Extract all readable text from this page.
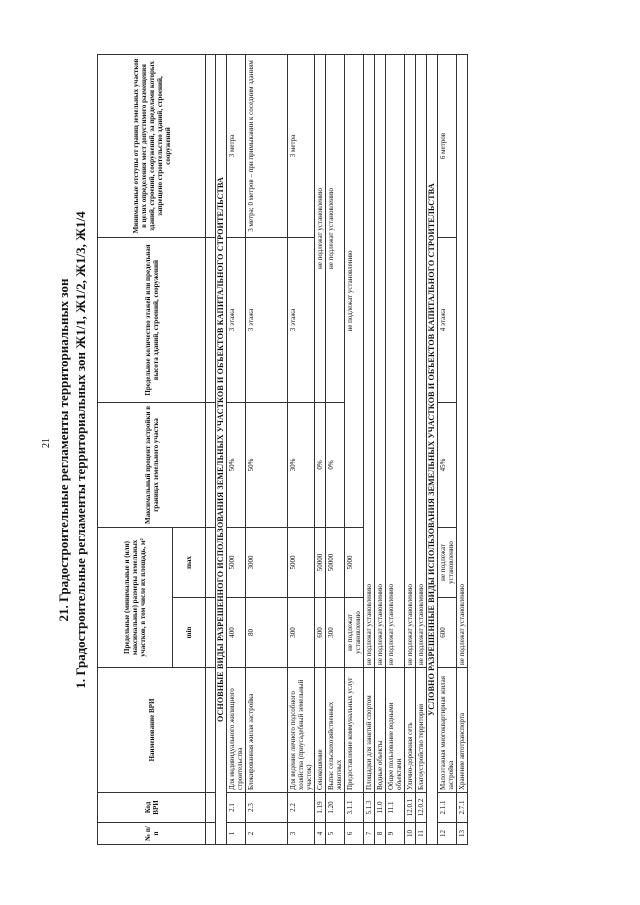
21 21. Градостроительные регламенты территориальных зон 1. Градостроительные регламенты территориальных зон Ж1/1, Ж1/2, Ж1/3, Ж1/4
№ п/п	Код ВРИ	Наименование ВРИ	Предельные (минимальные и (или) максимальные) размеры земельных участков, в том числе их площадь, м²		Максимальный процент застройки в границах земельного участка	Предельное количество этажей или предельная высота зданий, строений, сооружений	Минимальные отступы от границ земельных участков в целях определения мест допустимого размещения зданий, строений, сооружений, за пределами которых запрещено строительство зданий, строений, сооружений
			min	max			

ОСНОВНЫЕ ВИДЫ РАЗРЕШЕННОГО ИСПОЛЬЗОВАНИЯ ЗЕМЕЛЬНЫХ УЧАСТКОВ И ОБЪЕКТОВ КАПИТАЛЬНОГО СТРОИТЕЛЬСТВА							
1	2.1	Для индивидуального жилищного строительства	400	5000	50%	3 этажа	3 метра
2	2.3	Блокированная жилая застройка	80	3000	50%	3 этажа	3 метра; 0 метров – при примыкании к соседним зданиям
3	2.2	Для ведения личного подсобного хозяйства (приусадебный земельный участок)	300	5000	30%	3 этажа	3 метра
4	1.19	Сенокошение	600	50000	0%	не подлежат установлению	
5	1.20	Выпас сельскохозяйственных животных	300	50000	0%	не подлежат установлению	
6	3.1.1	Предоставление коммунальных услуг	не подлежат установлению	5000	не подлежат установлению		
7	5.1.3	Площадки для занятий спортом	не подлежат установлению				
8	11.0	Водные объекты	не подлежат установлению				
9	11.1	Общее пользование водными объектами	не подлежат установлению				
10	12.0.1	Улично-дорожная сеть	не подлежат установлению				
11	12.0.2	Благоустройство территории	не подлежат установлению				
УСЛОВНО РАЗРЕШЕННЫЕ ВИДЫ ИСПОЛЬЗОВАНИЯ ЗЕМЕЛЬНЫХ УЧАСТКОВ И ОБЪЕКТОВ КАПИТАЛЬНОГО СТРОИТЕЛЬСТВА							
12	2.1.1	Малоэтажная многоквартирная жилая застройка	600	не подлежат установлению	45%	4 этажа	6 метров
13	2.7.1	Хранение автотранспорта	не подлежат установлению				
